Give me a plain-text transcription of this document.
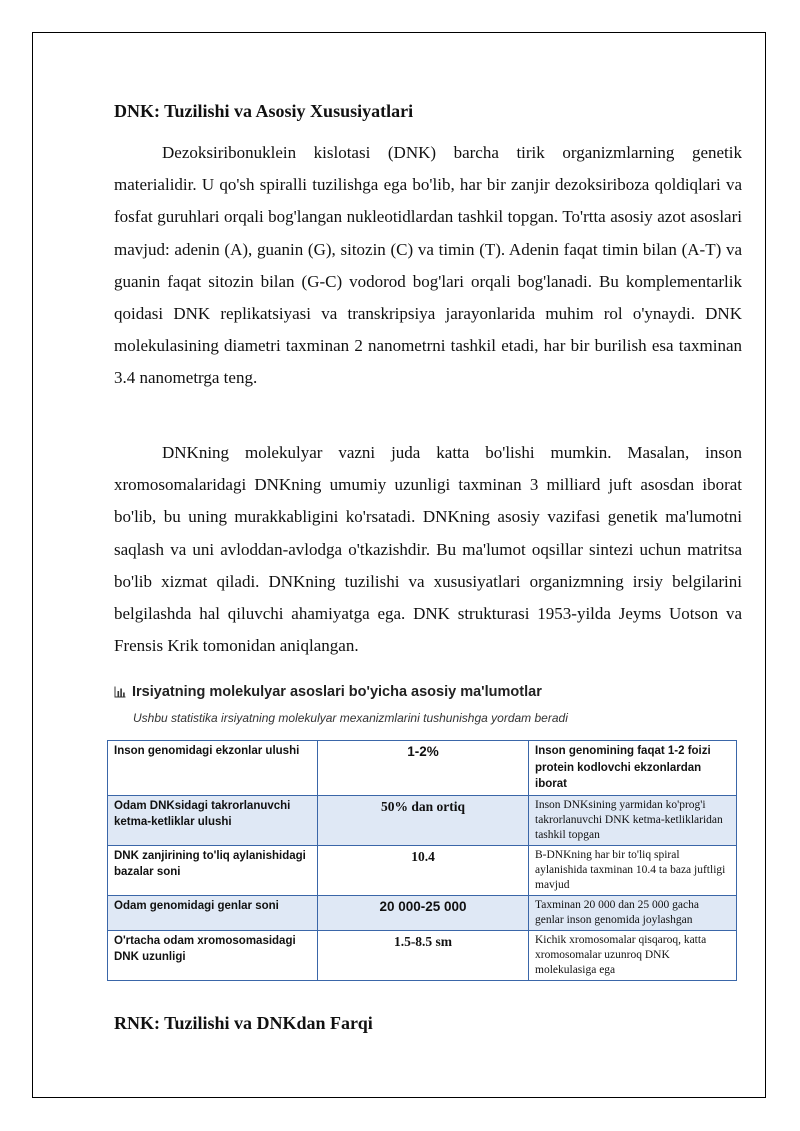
DNK: Tuzilishi va Asosiy Xususiyatlari

Dezoksiribonuklein kislotasi (DNK) barcha tirik organizmlarning genetik materialidir. U qo'sh spiralli tuzilishga ega bo'lib, har bir zanjir dezoksiriboza qoldiqlari va fosfat guruhlari orqali bog'langan nukleotidlardan tashkil topgan. To'rtta asosiy azot asoslari mavjud: adenin (A), guanin (G), sitozin (C) va timin (T). Adenin faqat timin bilan (A-T) va guanin faqat sitozin bilan (G-C) vodorod bog'lari orqali bog'lanadi. Bu komplementarlik qoidasi DNK replikatsiyasi va transkripsiya jarayonlarida muhim rol o'ynaydi. DNK molekulasining diametri taxminan 2 nanometrni tashkil etadi, har bir burilish esa taxminan 3.4 nanometrga teng.

DNKning molekulyar vazni juda katta bo'lishi mumkin. Masalan, inson xromosomalaridagi DNKning umumiy uzunligi taxminan 3 milliard juft asosdan iborat bo'lib, bu uning murakkabligini ko'rsatadi. DNKning asosiy vazifasi genetik ma'lumotni saqlash va uni avloddan-avlodga o'tkazishdir. Bu ma'lumot oqsillar sintezi uchun matritsa bo'lib xizmat qiladi. DNKning tuzilishi va xususiyatlari organizmning irsiy belgilarini belgilashda hal qiluvchi ahamiyatga ega. DNK strukturasi 1953-yilda Jeyms Uotson va Frensis Krik tomonidan aniqlangan.

Irsiyatning molekulyar asoslari bo'yicha asosiy ma'lumotlar
Ushbu statistika irsiyatning molekulyar mexanizmlarini tushunishga yordam beradi
Inson genomidagi ekzonlar ulushi	1-2%	Inson genomining faqat 1-2 foizi protein kodlovchi ekzonlardan iborat
Odam DNKsidagi takrorlanuvchi ketma-ketliklar ulushi	50% dan ortiq	Inson DNKsining yarmidan ko'prog'i takrorlanuvchi DNK ketma-ketliklaridan tashkil topgan
DNK zanjirining to'liq aylanishidagi bazalar soni	10.4	B-DNKning har bir to'liq spiral aylanishida taxminan 10.4 ta baza juftligi mavjud
Odam genomidagi genlar soni	20 000-25 000	Taxminan 20 000 dan 25 000 gacha genlar inson genomida joylashgan
O'rtacha odam xromosomasidagi DNK uzunligi	1.5-8.5 sm	Kichik xromosomalar qisqaroq, katta xromosomalar uzunroq DNK molekulasiga ega
RNK: Tuzilishi va DNKdan Farqi
